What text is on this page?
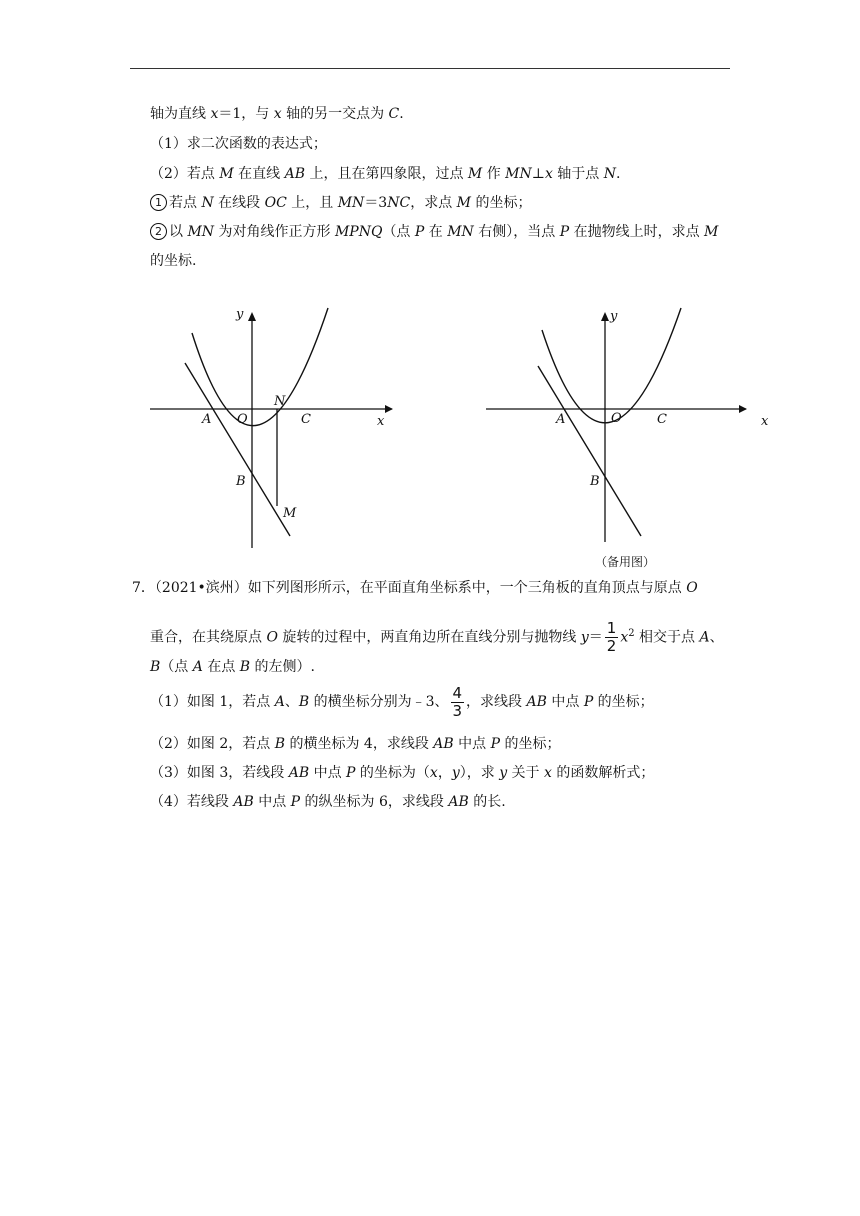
轴为直线 x＝1，与 x 轴的另一交点为 C.
（1）求二次函数的表达式；
（2）若点 M 在直线 AB 上，且在第四象限，过点 M 作 MN⊥x 轴于点 N.
1 若点 N 在线段 OC 上，且 MN＝3NC，求点 M 的坐标；
2 以 MN 为对角线作正方形 MPNQ（点 P 在 MN 右侧），当点 P 在抛物线上时，求点 M
的坐标.
y
x
O
A
B
C
N
M
y
x
O
A
B
C
（备用图）
7．（2021•滨州）如下列图形所示，在平面直角坐标系中，一个三角板的直角顶点与原点 O
重合，在其绕原点 O 旋转的过程中，两直角边所在直线分别与抛物线 $y= \frac{1}{2} x^2$ 相交于点 A、
B（点 A 在点 B 的左侧）.
（1）如图 1，若点 A、B 的横坐标分别为﹣3、 $\frac{4}{3}$ ，求线段 AB 中点 P 的坐标；
（2）如图 2，若点 B 的横坐标为 4，求线段 AB 中点 P 的坐标；
（3）如图 3，若线段 AB 中点 P 的坐标为（x，y），求 y 关于 x 的函数解析式；
（4）若线段 AB 中点 P 的纵坐标为 6，求线段 AB 的长.
